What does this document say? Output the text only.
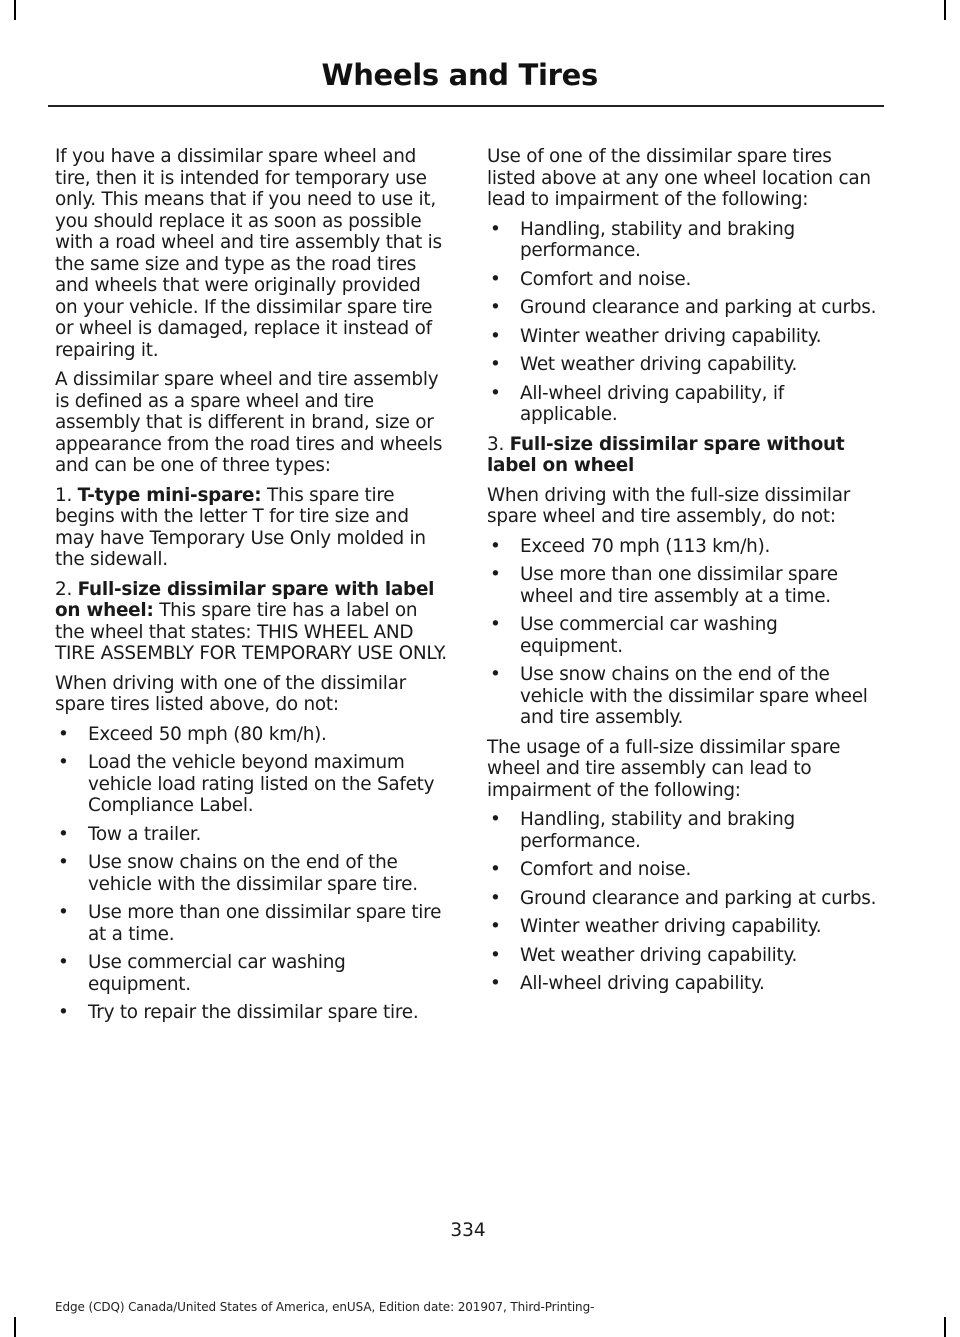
Wheels and Tires

If you have a dissimilar spare wheel and tire, then it is intended for temporary use only. This means that if you need to use it, you should replace it as soon as possible with a road wheel and tire assembly that is the same size and type as the road tires and wheels that were originally provided on your vehicle. If the dissimilar spare tire or wheel is damaged, replace it instead of repairing it.

A dissimilar spare wheel and tire assembly is defined as a spare wheel and tire assembly that is different in brand, size or appearance from the road tires and wheels and can be one of three types:

1. T-type mini-spare: This spare tire begins with the letter T for tire size and may have Temporary Use Only molded in the sidewall.

2. Full-size dissimilar spare with label on wheel: This spare tire has a label on the wheel that states: THIS WHEEL AND TIRE ASSEMBLY FOR TEMPORARY USE ONLY.

When driving with one of the dissimilar spare tires listed above, do not:

• Exceed 50 mph (80 km/h).
• Load the vehicle beyond maximum vehicle load rating listed on the Safety Compliance Label.
• Tow a trailer.
• Use snow chains on the end of the vehicle with the dissimilar spare tire.
• Use more than one dissimilar spare tire at a time.
• Use commercial car washing equipment.
• Try to repair the dissimilar spare tire.

Use of one of the dissimilar spare tires listed above at any one wheel location can lead to impairment of the following:

• Handling, stability and braking performance.
• Comfort and noise.
• Ground clearance and parking at curbs.
• Winter weather driving capability.
• Wet weather driving capability.
• All-wheel driving capability, if applicable.

3. Full-size dissimilar spare without label on wheel

When driving with the full-size dissimilar spare wheel and tire assembly, do not:

• Exceed 70 mph (113 km/h).
• Use more than one dissimilar spare wheel and tire assembly at a time.
• Use commercial car washing equipment.
• Use snow chains on the end of the vehicle with the dissimilar spare wheel and tire assembly.

The usage of a full-size dissimilar spare wheel and tire assembly can lead to impairment of the following:

• Handling, stability and braking performance.
• Comfort and noise.
• Ground clearance and parking at curbs.
• Winter weather driving capability.
• Wet weather driving capability.
• All-wheel driving capability.
334
Edge (CDQ) Canada/United States of America, enUSA, Edition date: 201907, Third-Printing-
